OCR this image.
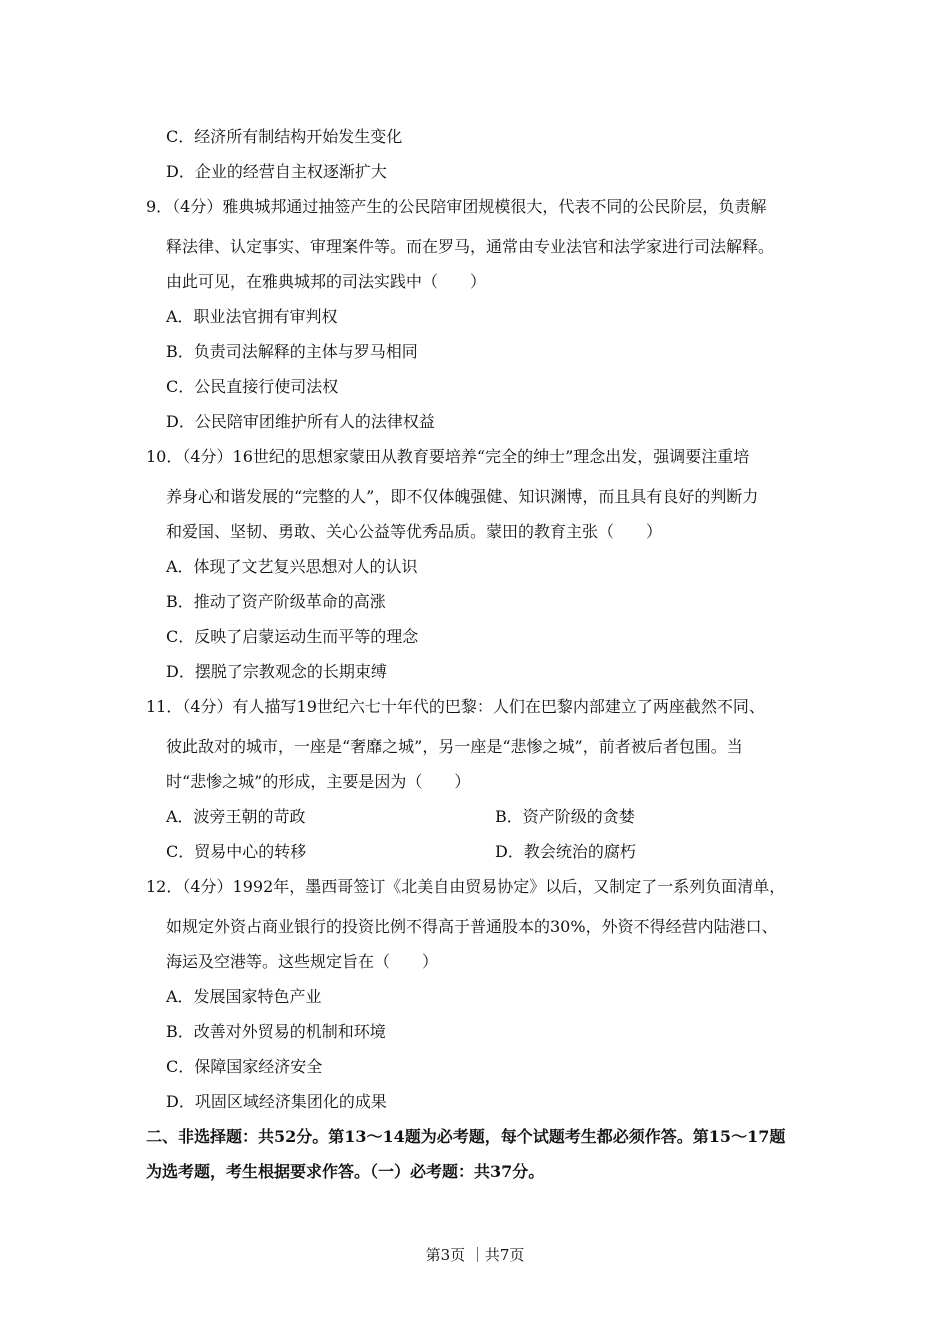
C．经济所有制结构开始发生变化
D．企业的经营自主权逐渐扩大
9．（4分）雅典城邦通过抽签产生的公民陪审团规模很大，代表不同的公民阶层，负责解
释法律、认定事实、审理案件等。而在罗马，通常由专业法官和法学家进行司法解释。
由此可见，在雅典城邦的司法实践中（　　）
A．职业法官拥有审判权
B．负责司法解释的主体与罗马相同
C．公民直接行使司法权
D．公民陪审团维护所有人的法律权益
10．（4分）16世纪的思想家蒙田从教育要培养“完全的绅士”理念出发，强调要注重培
养身心和谐发展的“完整的人”，即不仅体魄强健、知识渊博，而且具有良好的判断力
和爱国、坚韧、勇敢、关心公益等优秀品质。蒙田的教育主张（　　）
A．体现了文艺复兴思想对人的认识
B．推动了资产阶级革命的高涨
C．反映了启蒙运动生而平等的理念
D．摆脱了宗教观念的长期束缚
11．（4分）有人描写19世纪六七十年代的巴黎：人们在巴黎内部建立了两座截然不同、
彼此敌对的城市，一座是“奢靡之城”，另一座是“悲惨之城”，前者被后者包围。当
时“悲惨之城”的形成，主要是因为（　　）
A．波旁王朝的苛政	B．资产阶级的贪婪
C．贸易中心的转移	D．教会统治的腐朽
12．（4分）1992年，墨西哥签订《北美自由贸易协定》以后，又制定了一系列负面清单，
如规定外资占商业银行的投资比例不得高于普通股本的30%，外资不得经营内陆港口、
海运及空港等。这些规定旨在（　　）
A．发展国家特色产业
B．改善对外贸易的机制和环境
C．保障国家经济安全
D．巩固区域经济集团化的成果
二、非选择题：共52分。第13～14题为必考题，每个试题考生都必须作答。第15～17题
为选考题，考生根据要求作答。（一）必考题：共37分。
第3页 ｜共7页
